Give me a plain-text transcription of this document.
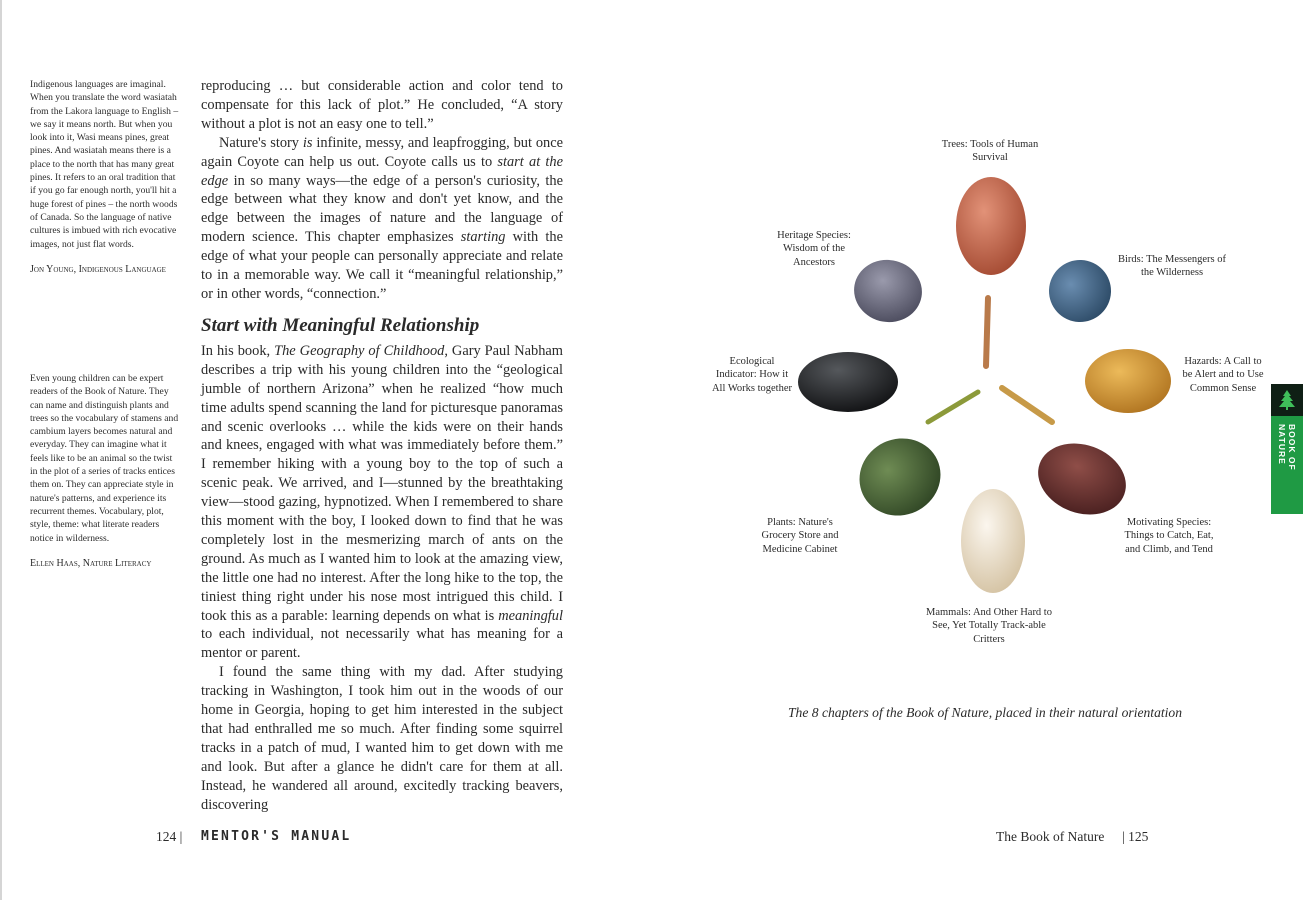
Indigenous languages are imaginal. When you translate the word wasiatah from the Lakora language to English – we say it means north. But when you look into it, Wasi means pines, great pines. And wasiatah means there is a place to the north that has many great pines. It refers to an oral tradition that if you go far enough north, you'll hit a huge forest of pines – the north woods of Canada. So the language of native cultures is imbued with rich evocative images, not just flat words.

Jon Young, Indigenous Language

Even young children can be expert readers of the Book of Nature. They can name and distinguish plants and trees so the vocabulary of stamens and cambium layers becomes natural and everyday. They can imagine what it feels like to be an animal so the twist in the plot of a series of tracks entices them on. They can appreciate style in nature's patterns, and experience its recurrent themes. Vocabulary, plot, style, theme: what literate readers notice in wilderness.

Ellen Haas, Nature Literacy

reproducing … but considerable action and color tend to compensate for this lack of plot.” He concluded, “A story without a plot is not an easy one to tell.”

Nature's story is infinite, messy, and leapfrogging, but once again Coyote can help us out. Coyote calls us to start at the edge in so many ways—the edge of a person's curiosity, the edge between what they know and don't yet know, and the edge between the images of nature and the language of modern science. This chapter emphasizes starting with the edge of what your people can personally appreciate and relate to in a memorable way. We call it “meaningful relationship,” or in other words, “connection.”

Start with Meaningful Relationship

In his book, The Geography of Childhood, Gary Paul Nabham describes a trip with his young children into the “geological jumble of northern Arizona” when he realized “how much time adults spend scanning the land for picturesque panoramas and scenic overlooks … while the kids were on their hands and knees, engaged with what was immediately before them.” I remember hiking with a young boy to the top of such a scenic peak. We arrived, and I—stunned by the breathtaking view—stood gazing, hypnotized. When I remembered to share this moment with the boy, I looked down to find that he was completely lost in the mesmerizing march of ants on the ground. As much as I wanted him to look at the amazing view, the little one had no interest. After the long hike to the top, the tiniest thing right under his nose most intrigued this child. I took this as a parable: learning depends on what is meaningful to each individual, not necessarily what has meaning for a mentor or parent.

I found the same thing with my dad. After studying tracking in Washington, I took him out in the woods of our home in Georgia, hoping to get him interested in the subject that had enthralled me so much. After finding some squirrel tracks in a patch of mud, I wanted him to get down with me and look. But after a glance he didn't care for them at all. Instead, he wandered all around, excitedly tracking beavers, discovering

124 | MENTOR'S MANUAL	The Book of Nature | 125
Trees: Tools of Human Survival
Birds: The Messengers of the Wilderness
Hazards: A Call to be Alert and to Use Common Sense
Motivating Species: Things to Catch, Eat, and Climb, and Tend
Mammals: And Other Hard to See, Yet Totally Track-able Critters
Plants: Nature's Grocery Store and Medicine Cabinet
Ecological Indicator: How it All Works together
Heritage Species: Wisdom of the Ancestors
The 8 chapters of the Book of Nature, placed in their natural orientation
BOOK OF NATURE
